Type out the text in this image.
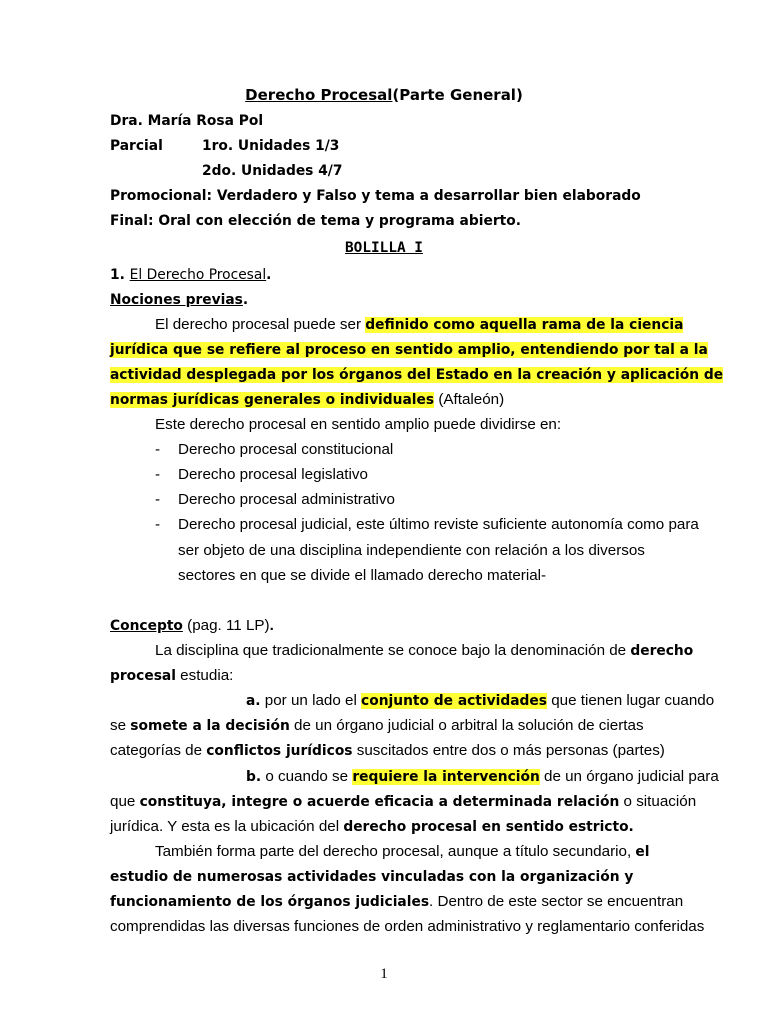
Derecho Procesal(Parte General)
Dra. María Rosa Pol
Parcial	1ro. Unidades 1/3
2do. Unidades 4/7
Promocional: Verdadero y Falso y tema a desarrollar bien elaborado
Final: Oral con elección de tema y programa abierto.
BOLILLA I
1. El Derecho Procesal.
Nociones previas.
El derecho procesal puede ser definido como aquella rama de la ciencia
jurídica que se refiere al proceso en sentido amplio, entendiendo por tal a la
actividad desplegada por los órganos del Estado en la creación y aplicación de
normas jurídicas generales o individuales (Aftaleón)
Este derecho procesal en sentido amplio puede dividirse en:
- Derecho procesal constitucional
- Derecho procesal legislativo
- Derecho procesal administrativo
- Derecho procesal judicial, este último reviste suficiente autonomía como para
ser objeto de una disciplina independiente con relación a los diversos
sectores en que se divide el llamado derecho material-
Concepto (pag. 11 LP).
La disciplina que tradicionalmente se conoce bajo la denominación de derecho
procesal estudia:
a. por un lado el conjunto de actividades que tienen lugar cuando
se somete a la decisión de un órgano judicial o arbitral la solución de ciertas
categorías de conflictos jurídicos suscitados entre dos o más personas (partes)
b. o cuando se requiere la intervención de un órgano judicial para
que constituya, integre o acuerde eficacia a determinada relación o situación
jurídica. Y esta es la ubicación del derecho procesal en sentido estricto.
También forma parte del derecho procesal, aunque a título secundario, el
estudio de numerosas actividades vinculadas con la organización y
funcionamiento de los órganos judiciales. Dentro de este sector se encuentran
comprendidas las diversas funciones de orden administrativo y reglamentario conferidas
1
